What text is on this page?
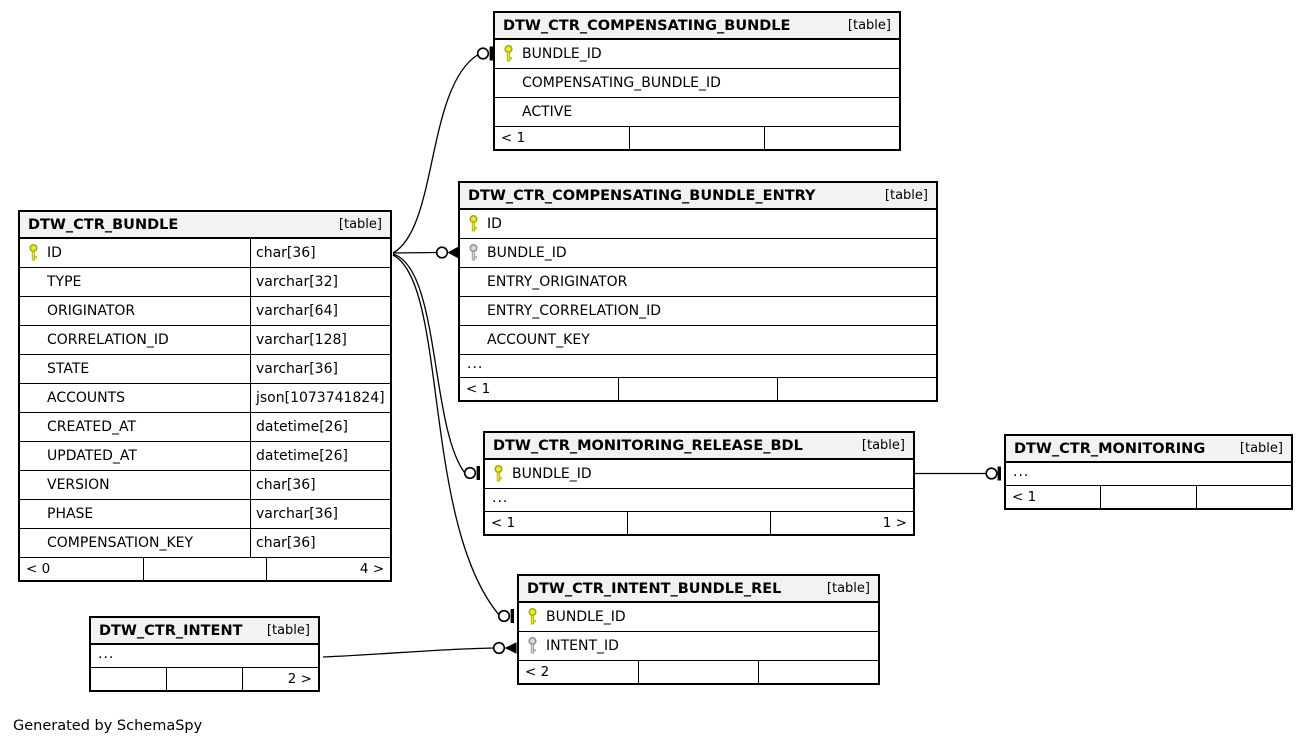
DTW_CTR_COMPENSATING_BUNDLE	[table]
BUNDLE_ID
COMPENSATING_BUNDLE_ID
ACTIVE
< 1
DTW_CTR_COMPENSATING_BUNDLE_ENTRY	[table]
ID
BUNDLE_ID
ENTRY_ORIGINATOR
ENTRY_CORRELATION_ID
ACCOUNT_KEY
...
< 1
DTW_CTR_BUNDLE	[table]
ID	char[36]
TYPE	varchar[32]
ORIGINATOR	varchar[64]
CORRELATION_ID	varchar[128]
STATE	varchar[36]
ACCOUNTS	json[1073741824]
CREATED_AT	datetime[26]
UPDATED_AT	datetime[26]
VERSION	char[36]
PHASE	varchar[36]
COMPENSATION_KEY	char[36]
< 0	4 >
DTW_CTR_MONITORING_RELEASE_BDL	[table]
BUNDLE_ID
...
< 1	1 >
DTW_CTR_MONITORING	[table]
...
< 1
DTW_CTR_INTENT_BUNDLE_REL	[table]
BUNDLE_ID
INTENT_ID
< 2
DTW_CTR_INTENT	[table]
...
2 >
Generated by SchemaSpy
